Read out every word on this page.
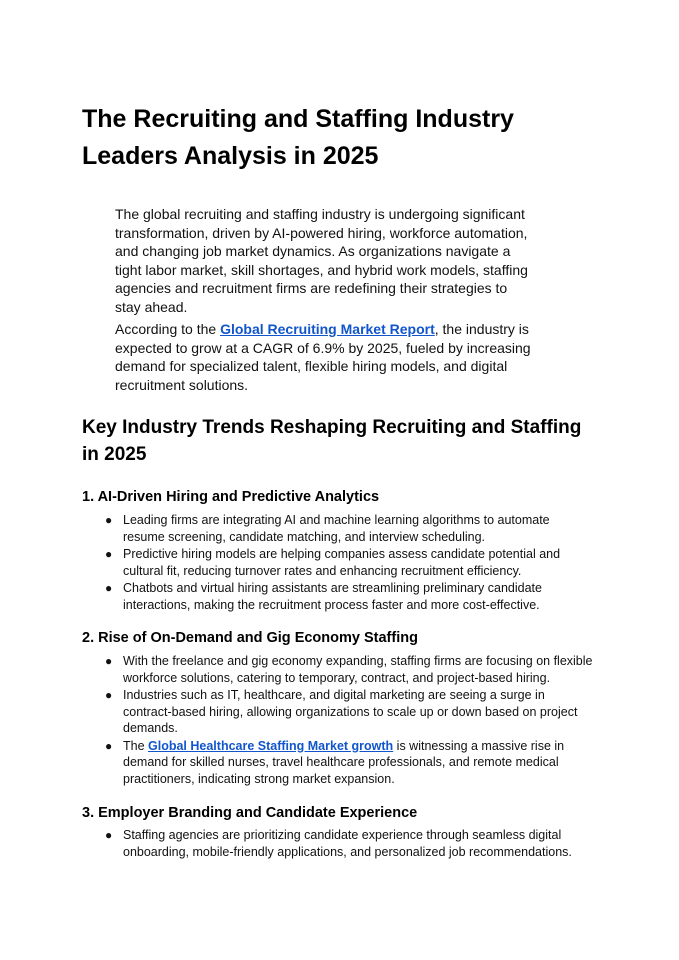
The Recruiting and Staffing Industry Leaders Analysis in 2025

The global recruiting and staffing industry is undergoing significant transformation, driven by AI-powered hiring, workforce automation, and changing job market dynamics. As organizations navigate a tight labor market, skill shortages, and hybrid work models, staffing agencies and recruitment firms are redefining their strategies to stay ahead.

According to the Global Recruiting Market Report, the industry is expected to grow at a CAGR of 6.9% by 2025, fueled by increasing demand for specialized talent, flexible hiring models, and digital recruitment solutions.

Key Industry Trends Reshaping Recruiting and Staffing in 2025
1. AI-Driven Hiring and Predictive Analytics
● Leading firms are integrating AI and machine learning algorithms to automate resume screening, candidate matching, and interview scheduling.
● Predictive hiring models are helping companies assess candidate potential and cultural fit, reducing turnover rates and enhancing recruitment efficiency.
● Chatbots and virtual hiring assistants are streamlining preliminary candidate interactions, making the recruitment process faster and more cost-effective.
2. Rise of On-Demand and Gig Economy Staffing
● With the freelance and gig economy expanding, staffing firms are focusing on flexible workforce solutions, catering to temporary, contract, and project-based hiring.
● Industries such as IT, healthcare, and digital marketing are seeing a surge in contract-based hiring, allowing organizations to scale up or down based on project demands.
● The Global Healthcare Staffing Market growth is witnessing a massive rise in demand for skilled nurses, travel healthcare professionals, and remote medical practitioners, indicating strong market expansion.
3. Employer Branding and Candidate Experience
● Staffing agencies are prioritizing candidate experience through seamless digital onboarding, mobile-friendly applications, and personalized job recommendations.
